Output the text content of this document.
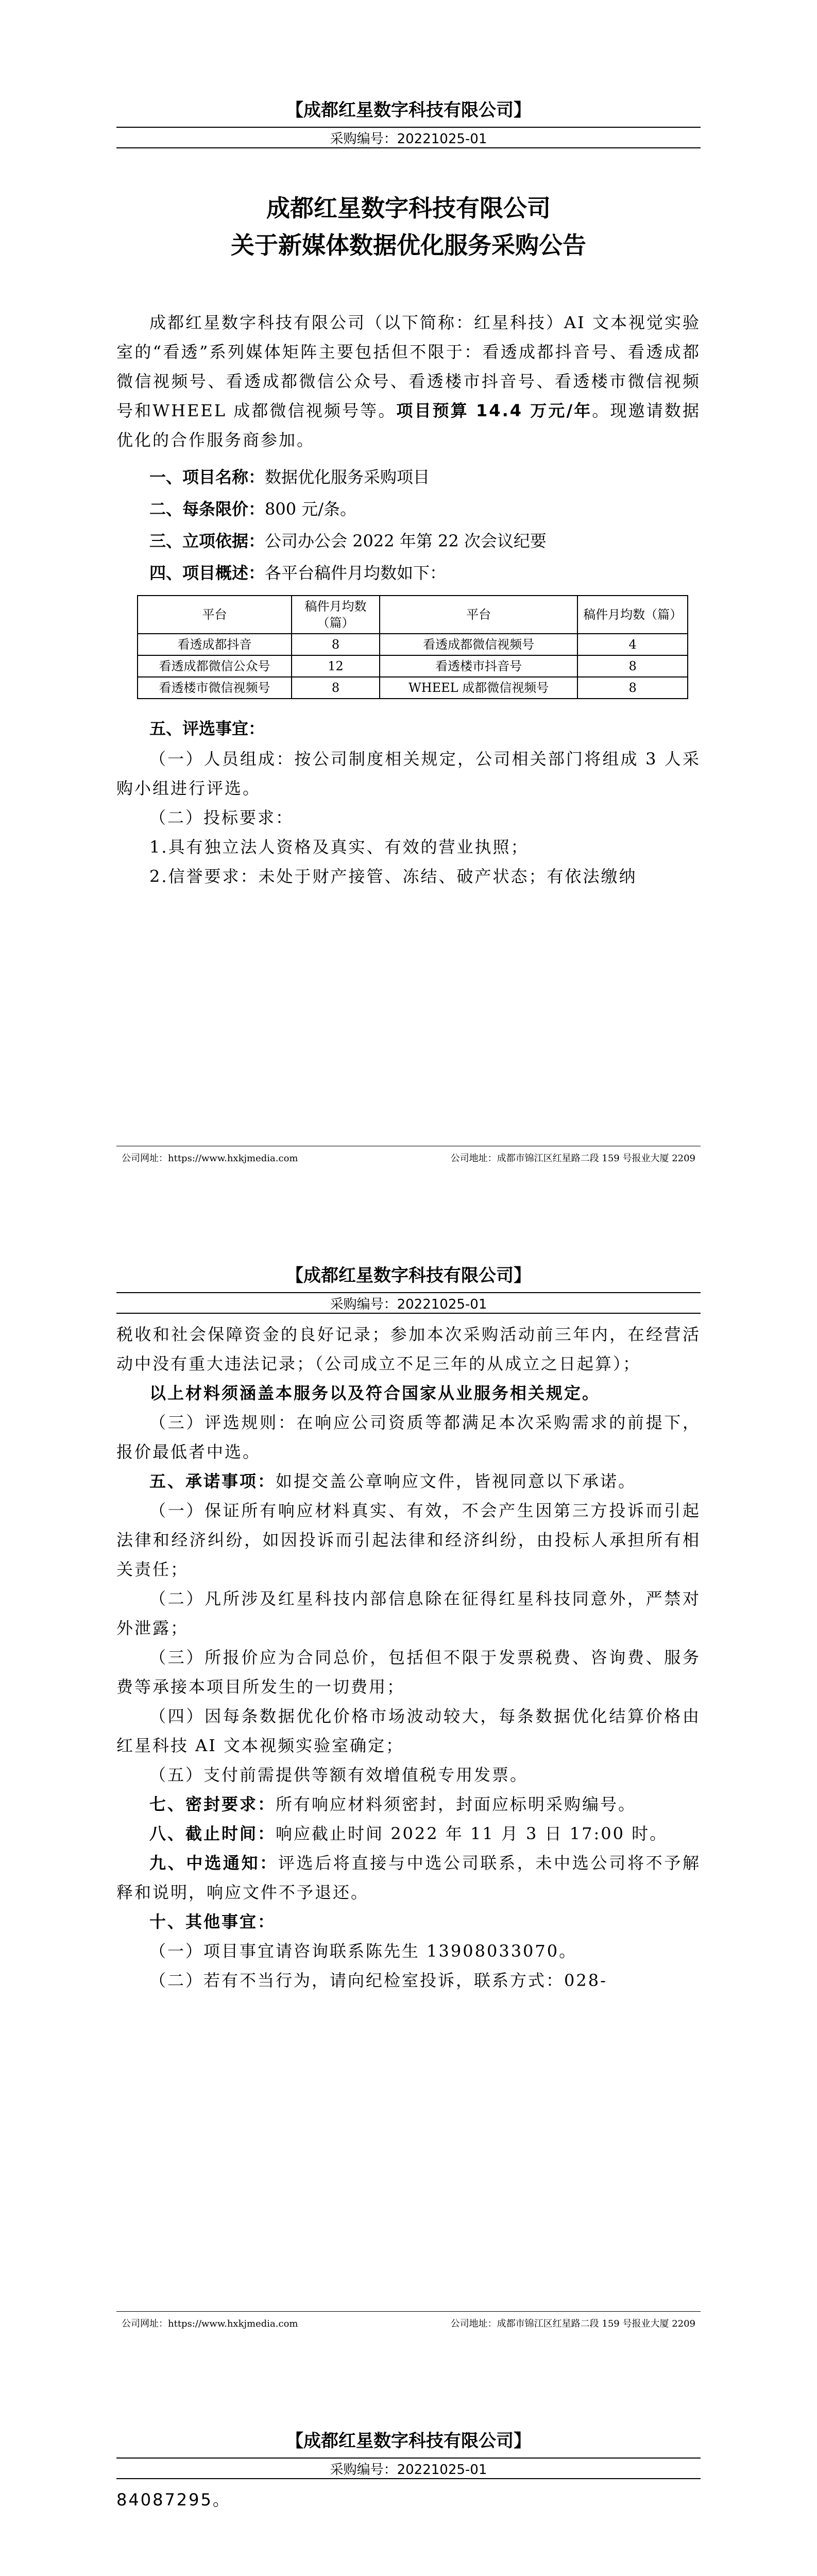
【成都红星数字科技有限公司】
采购编号：20221025-01
成都红星数字科技有限公司
关于新媒体数据优化服务采购公告

成都红星数字科技有限公司（以下简称：红星科技）AI 文本视觉实验室的“看透”系列媒体矩阵主要包括但不限于：看透成都抖音号、看透成都微信视频号、看透成都微信公众号、看透楼市抖音号、看透楼市微信视频号和WHEEL 成都微信视频号等。项目预算 14.4 万元/年。现邀请数据优化的合作服务商参加。

一、项目名称：数据优化服务采购项目
二、每条限价：800 元/条。
三、立项依据：公司办公会 2022 年第 22 次会议纪要
四、项目概述：各平台稿件月均数如下：
平台	稿件月均数（篇）	平台	稿件月均数（篇）
看透成都抖音	8	看透成都微信视频号	4
看透成都微信公众号	12	看透楼市抖音号	8
看透楼市微信视频号	8	WHEEL 成都微信视频号	8
五、评选事宜：

（一）人员组成：按公司制度相关规定，公司相关部门将组成 3 人采购小组进行评选。

（二）投标要求：

1.具有独立法人资格及真实、有效的营业执照；

2.信誉要求：未处于财产接管、冻结、破产状态；有依法缴纳

公司网址：https://www.hxkjmedia.com	公司地址：成都市锦江区红星路二段 159 号报业大厦 2209
【成都红星数字科技有限公司】
采购编号：20221025-01

税收和社会保障资金的良好记录；参加本次采购活动前三年内，在经营活动中没有重大违法记录；（公司成立不足三年的从成立之日起算）；

以上材料须涵盖本服务以及符合国家从业服务相关规定。

（三）评选规则：在响应公司资质等都满足本次采购需求的前提下，报价最低者中选。

五、承诺事项：如提交盖公章响应文件，皆视同意以下承诺。

（一）保证所有响应材料真实、有效，不会产生因第三方投诉而引起法律和经济纠纷，如因投诉而引起法律和经济纠纷，由投标人承担所有相关责任；

（二）凡所涉及红星科技内部信息除在征得红星科技同意外，严禁对外泄露；

（三）所报价应为合同总价，包括但不限于发票税费、咨询费、服务费等承接本项目所发生的一切费用；

（四）因每条数据优化价格市场波动较大，每条数据优化结算价格由红星科技 AI 文本视频实验室确定；

（五）支付前需提供等额有效增值税专用发票。

七、密封要求：所有响应材料须密封，封面应标明采购编号。

八、截止时间：响应截止时间 2022 年 11 月 3 日 17:00 时。

九、中选通知：评选后将直接与中选公司联系，未中选公司将不予解释和说明，响应文件不予退还。

十、其他事宜：

（一）项目事宜请咨询联系陈先生 13908033070。

（二）若有不当行为，请向纪检室投诉，联系方式：028-

公司网址：https://www.hxkjmedia.com	公司地址：成都市锦江区红星路二段 159 号报业大厦 2209
【成都红星数字科技有限公司】
采购编号：20221025-01

84087295。
